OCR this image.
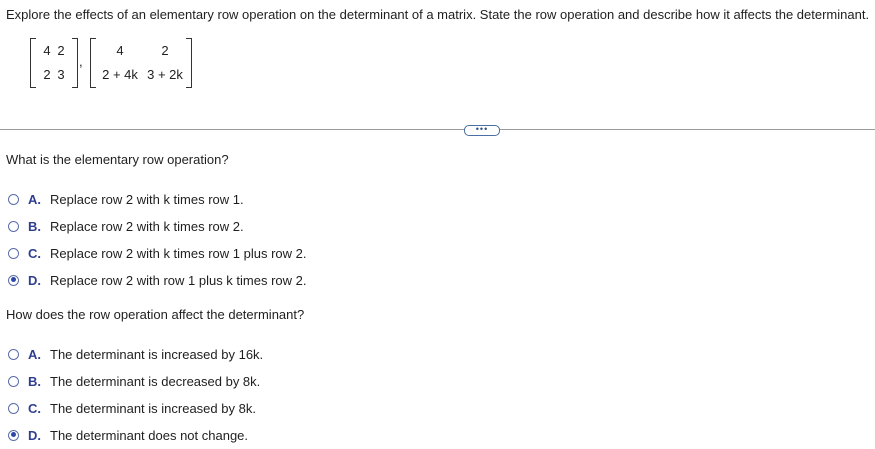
Explore the effects of an elementary row operation on the determinant of a matrix. State the row operation and describe how it affects the determinant.
4 2
2 3
,
4	2
2 + 4k 3 + 2k
•••
What is the elementary row operation?
A. Replace row 2 with k times row 1.
B. Replace row 2 with k times row 2.
C. Replace row 2 with k times row 1 plus row 2.
D. Replace row 2 with row 1 plus k times row 2.
How does the row operation affect the determinant?
A. The determinant is increased by 16k.
B. The determinant is decreased by 8k.
C. The determinant is increased by 8k.
D. The determinant does not change.
